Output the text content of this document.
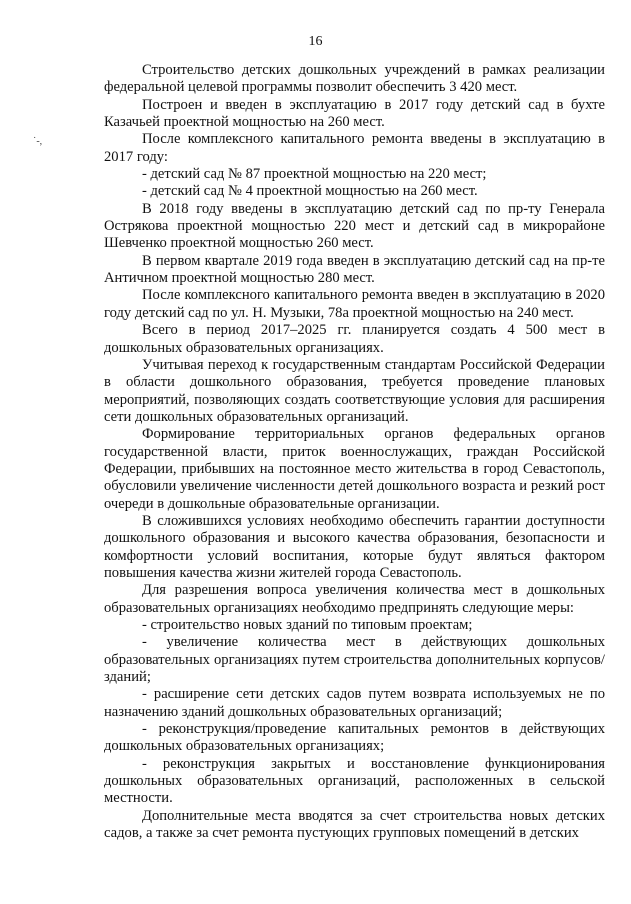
16
˙-,

Строительство детских дошкольных учреждений в рамках реализации федеральной целевой программы позволит обеспечить 3 420 мест.

Построен и введен в эксплуатацию в 2017 году детский сад в бухте Казачьей проектной мощностью на 260 мест.

После комплексного капитального ремонта введены в эксплуатацию в 2017 году:

- детский сад № 87 проектной мощностью на 220 мест;

- детский сад № 4 проектной мощностью на 260 мест.

В 2018 году введены в эксплуатацию детский сад по пр-ту Генерала Острякова проектной мощностью 220 мест и детский сад в микрорайоне Шевченко проектной мощностью 260 мест.

В первом квартале 2019 года введен в эксплуатацию детский сад на пр-те Античном проектной мощностью 280 мест.

После комплексного капитального ремонта введен в эксплуатацию в 2020 году детский сад по ул. Н. Музыки, 78а проектной мощностью на 240 мест.

Всего в период 2017–2025 гг. планируется создать 4 500 мест в дошкольных образовательных организациях.

Учитывая переход к государственным стандартам Российской Федерации в области дошкольного образования, требуется проведение плановых мероприятий, позволяющих создать соответствующие условия для расширения сети дошкольных образовательных организаций.

Формирование территориальных органов федеральных органов государственной власти, приток военнослужащих, граждан Российской Федерации, прибывших на постоянное место жительства в город Севастополь, обусловили увеличение численности детей дошкольного возраста и резкий рост очереди в дошкольные образовательные организации.

В сложившихся условиях необходимо обеспечить гарантии доступности дошкольного образования и высокого качества образования, безопасности и комфортности условий воспитания, которые будут являться фактором повышения качества жизни жителей города Севастополь.

Для разрешения вопроса увеличения количества мест в дошкольных образовательных организациях необходимо предпринять следующие меры:

- строительство новых зданий по типовым проектам;

- увеличение количества мест в действующих дошкольных образовательных организациях путем строительства дополнительных корпусов/зданий;

- расширение сети детских садов путем возврата используемых не по назначению зданий дошкольных образовательных организаций;

- реконструкция/проведение капитальных ремонтов в действующих дошкольных образовательных организациях;

- реконструкция закрытых и восстановление функционирования дошкольных образовательных организаций, расположенных в сельской местности.

Дополнительные места вводятся за счет строительства новых детских садов, а также за счет ремонта пустующих групповых помещений в детских
